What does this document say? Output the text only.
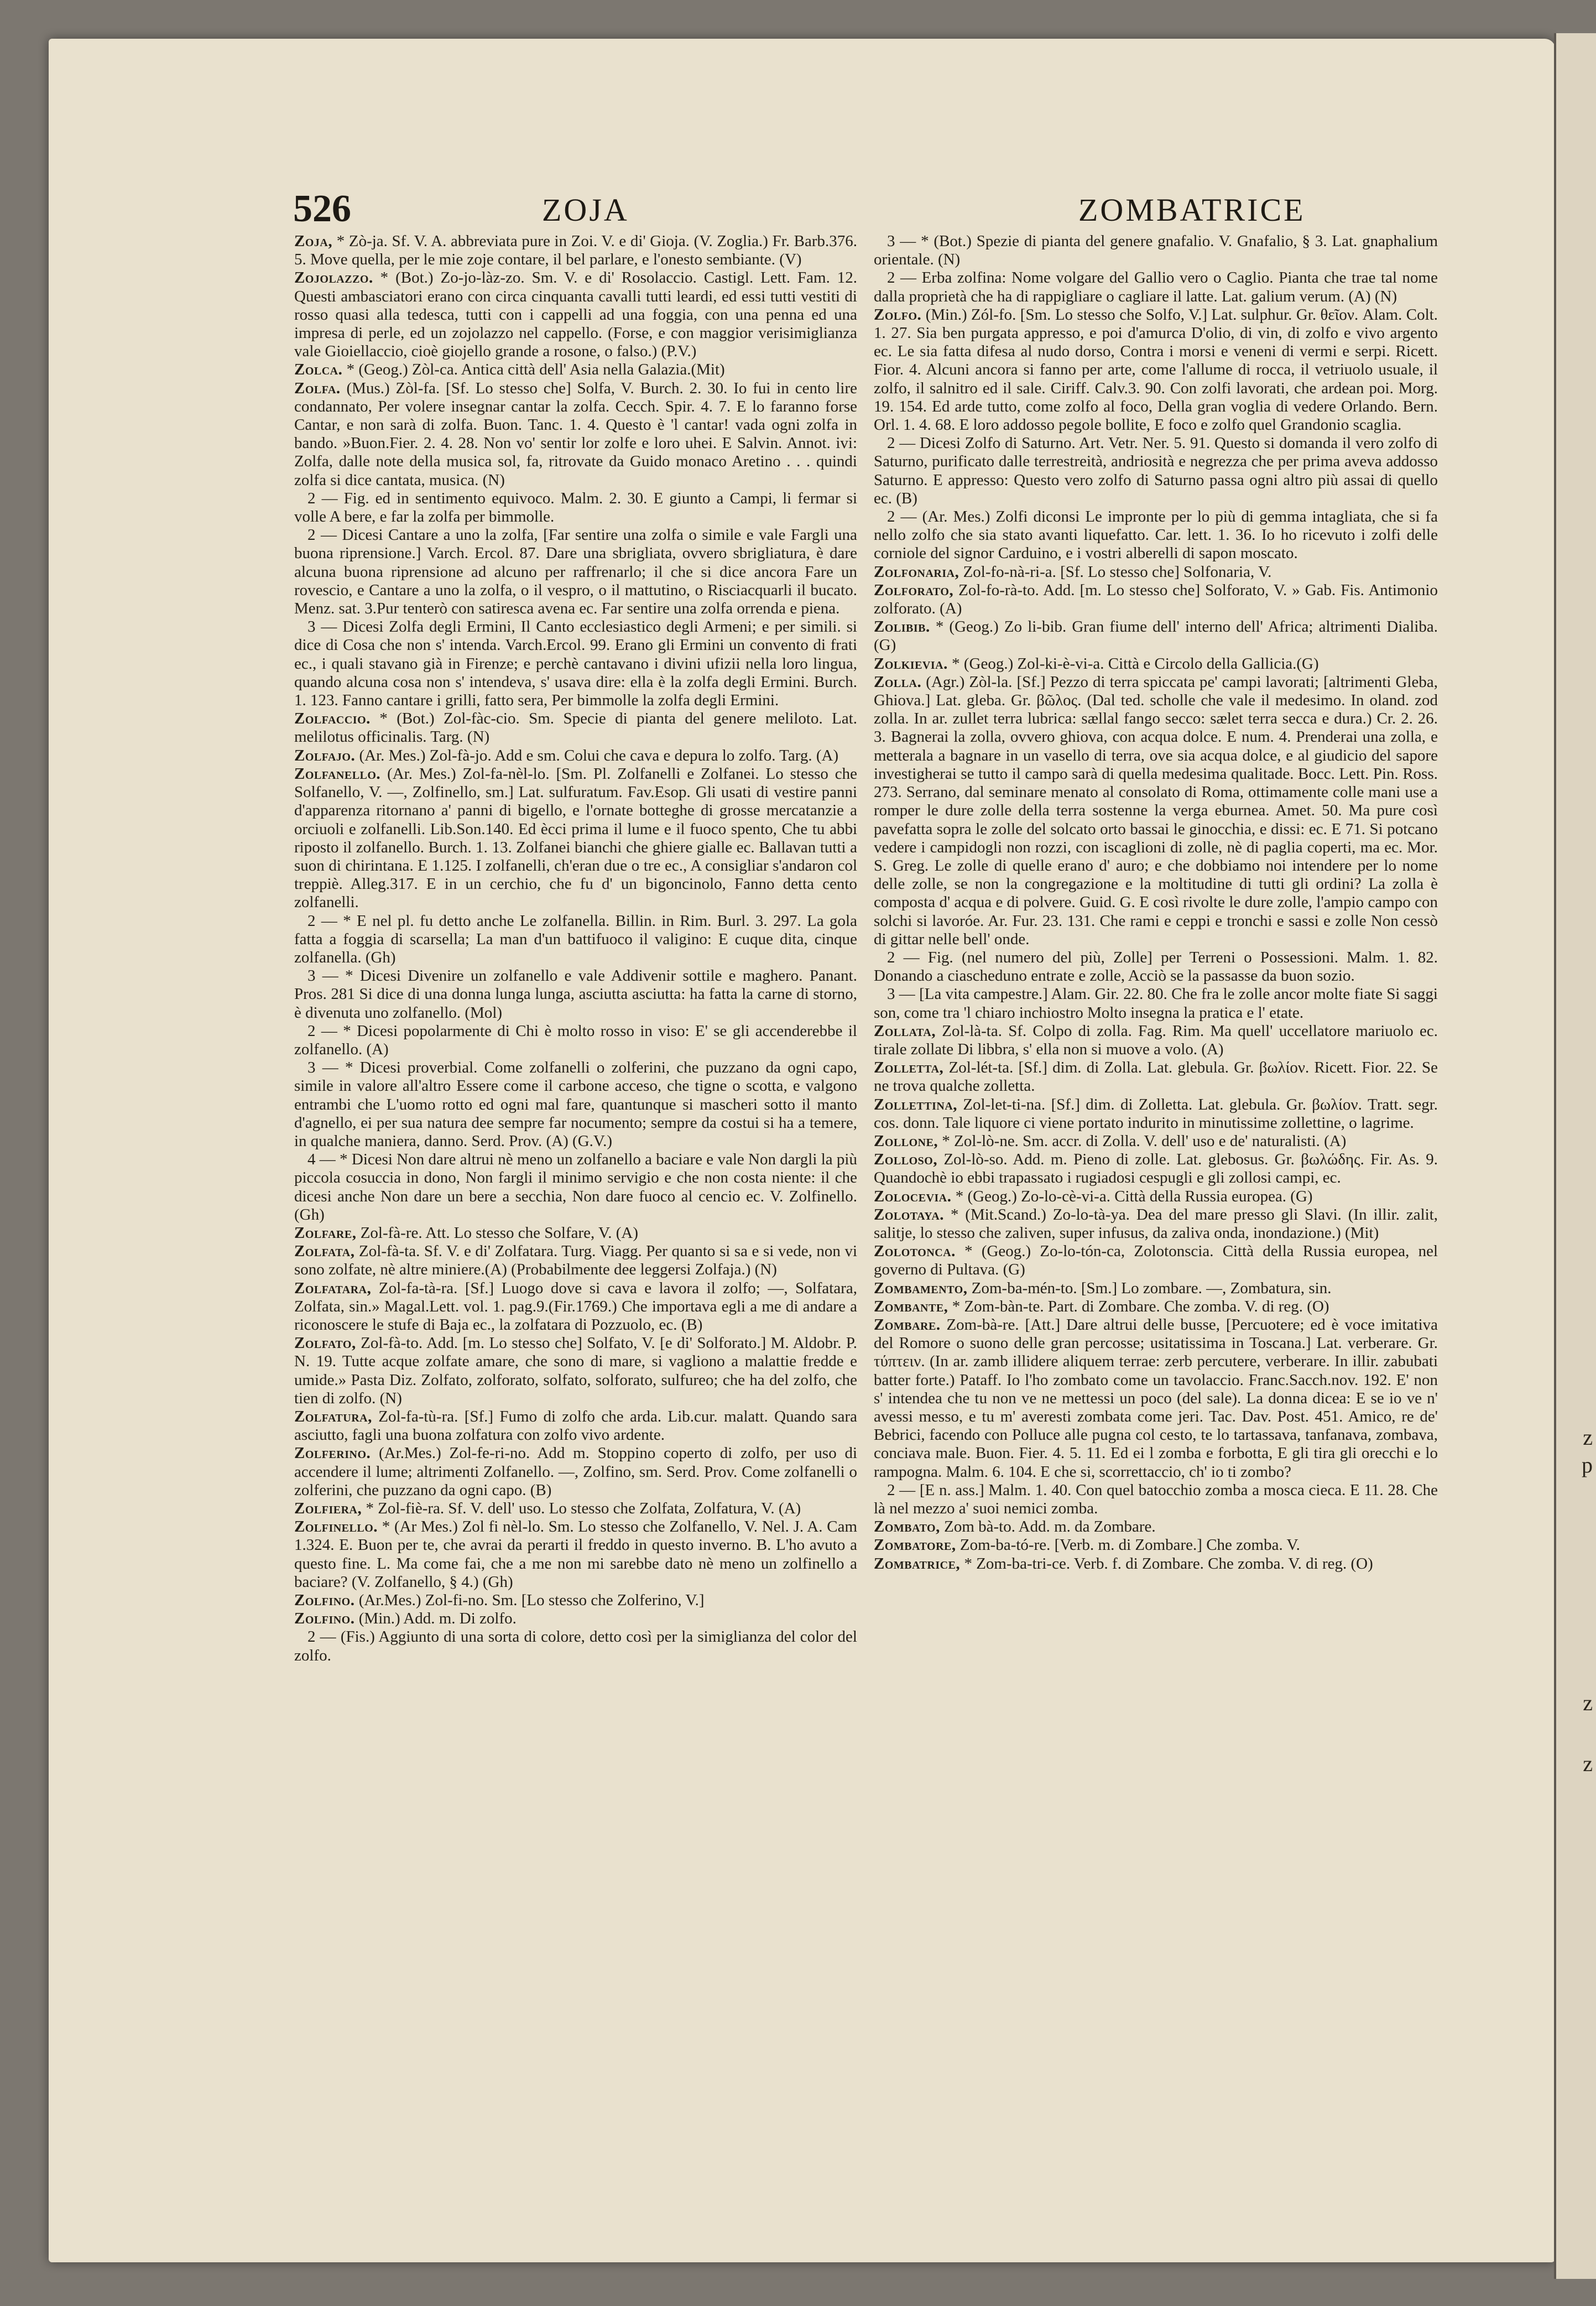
z
p
z
z
526	ZOJA	ZOMBATRICE

Zoja, * Zò-ja. Sf. V. A. abbreviata pure in Zoi. V. e di' Gioja. (V. Zoglia.) Fr. Barb.376. 5. Move quella, per le mie zoje contare, il bel parlare, e l'onesto sembiante. (V)

Zojolazzo. * (Bot.) Zo-jo-làz-zo. Sm. V. e di' Rosolaccio. Castigl. Lett. Fam. 12. Questi ambasciatori erano con circa cinquanta cavalli tutti leardi, ed essi tutti vestiti di rosso quasi alla tedesca, tutti con i cappelli ad una foggia, con una penna ed una impresa di perle, ed un zojolazzo nel cappello. (Forse, e con maggior verisimiglianza vale Gioiellaccio, cioè giojello grande a rosone, o falso.) (P.V.)

Zolca. * (Geog.) Zòl-ca. Antica città dell' Asia nella Galazia.(Mit)

Zolfa. (Mus.) Zòl-fa. [Sf. Lo stesso che] Solfa, V. Burch. 2. 30. Io fui in cento lire condannato, Per volere insegnar cantar la zolfa. Cecch. Spir. 4. 7. E lo faranno forse Cantar, e non sarà di zolfa. Buon. Tanc. 1. 4. Questo è 'l cantar! vada ogni zolfa in bando. »Buon.Fier. 2. 4. 28. Non vo' sentir lor zolfe e loro uhei. E Salvin. Annot. ivi: Zolfa, dalle note della musica sol, fa, ritrovate da Guido monaco Aretino . . . quindi zolfa si dice cantata, musica. (N)

2 — Fig. ed in sentimento equivoco. Malm. 2. 30. E giunto a Campi, li fermar si volle A bere, e far la zolfa per bimmolle.

2 — Dicesi Cantare a uno la zolfa, [Far sentire una zolfa o simile e vale Fargli una buona riprensione.] Varch. Ercol. 87. Dare una sbrigliata, ovvero sbrigliatura, è dare alcuna buona riprensione ad alcuno per raffrenarlo; il che si dice ancora Fare un rovescio, e Cantare a uno la zolfa, o il vespro, o il mattutino, o Risciacquarli il bucato. Menz. sat. 3.Pur tenterò con satiresca avena ec. Far sentire una zolfa orrenda e piena.

3 — Dicesi Zolfa degli Ermini, Il Canto ecclesiastico degli Armeni; e per simili. si dice di Cosa che non s' intenda. Varch.Ercol. 99. Erano gli Ermini un convento di frati ec., i quali stavano già in Firenze; e perchè cantavano i divini ufizii nella loro lingua, quando alcuna cosa non s' intendeva, s' usava dire: ella è la zolfa degli Ermini. Burch. 1. 123. Fanno cantare i grilli, fatto sera, Per bimmolle la zolfa degli Ermini.

Zolfaccio. * (Bot.) Zol-fàc-cio. Sm. Specie di pianta del genere meliloto. Lat. melilotus officinalis. Targ. (N)

Zolfajo. (Ar. Mes.) Zol-fà-jo. Add e sm. Colui che cava e depura lo zolfo. Targ. (A)

Zolfanello. (Ar. Mes.) Zol-fa-nèl-lo. [Sm. Pl. Zolfanelli e Zolfanei. Lo stesso che Solfanello, V. —, Zolfinello, sm.] Lat. sulfuratum. Fav.Esop. Gli usati di vestire panni d'apparenza ritornano a' panni di bigello, e l'ornate botteghe di grosse mercatanzie a orciuoli e zolfanelli. Lib.Son.140. Ed ècci prima il lume e il fuoco spento, Che tu abbi riposto il zolfanello. Burch. 1. 13. Zolfanei bianchi che ghiere gialle ec. Ballavan tutti a suon di chirintana. E 1.125. I zolfanelli, ch'eran due o tre ec., A consigliar s'andaron col treppiè. Alleg.317. E in un cerchio, che fu d' un bigoncinolo, Fanno detta cento zolfanelli.

2 — * E nel pl. fu detto anche Le zolfanella. Billin. in Rim. Burl. 3. 297. La gola fatta a foggia di scarsella; La man d'un battifuoco il valigino: E cuque dita, cinque zolfanella. (Gh)

3 — * Dicesi Divenire un zolfanello e vale Addivenir sottile e maghero. Panant. Pros. 281 Si dice di una donna lunga lunga, asciutta asciutta: ha fatta la carne di storno, è divenuta uno zolfanello. (Mol)

2 — * Dicesi popolarmente di Chi è molto rosso in viso: E' se gli accenderebbe il zolfanello. (A)

3 — * Dicesi proverbial. Come zolfanelli o zolferini, che puzzano da ogni capo, simile in valore all'altro Essere come il carbone acceso, che tigne o scotta, e valgono entrambi che L'uomo rotto ed ogni mal fare, quantunque si mascheri sotto il manto d'agnello, ei per sua natura dee sempre far nocumento; sempre da costui si ha a temere, in qualche maniera, danno. Serd. Prov. (A) (G.V.)

4 — * Dicesi Non dare altrui nè meno un zolfanello a baciare e vale Non dargli la più piccola cosuccia in dono, Non fargli il minimo servigio e che non costa niente: il che dicesi anche Non dare un bere a secchia, Non dare fuoco al cencio ec. V. Zolfinello. (Gh)

Zolfare, Zol-fà-re. Att. Lo stesso che Solfare, V. (A)

Zolfata, Zol-fà-ta. Sf. V. e di' Zolfatara. Turg. Viagg. Per quanto si sa e si vede, non vi sono zolfate, nè altre miniere.(A) (Probabilmente dee leggersi Zolfaja.) (N)

Zolfatara, Zol-fa-tà-ra. [Sf.] Luogo dove si cava e lavora il zolfo; —, Solfatara, Zolfata, sin.» Magal.Lett. vol. 1. pag.9.(Fir.1769.) Che importava egli a me di andare a riconoscere le stufe di Baja ec., la zolfatara di Pozzuolo, ec. (B)

Zolfato, Zol-fà-to. Add. [m. Lo stesso che] Solfato, V. [e di' Solforato.] M. Aldobr. P. N. 19. Tutte acque zolfate amare, che sono di mare, si vagliono a malattie fredde e umide.» Pasta Diz. Zolfato, zolforato, solfato, solforato, sulfureo; che ha del zolfo, che tien di zolfo. (N)

Zolfatura, Zol-fa-tù-ra. [Sf.] Fumo di zolfo che arda. Lib.cur. malatt. Quando sara asciutto, fagli una buona zolfatura con zolfo vivo ardente.

Zolferino. (Ar.Mes.) Zol-fe-ri-no. Add m. Stoppino coperto di zolfo, per uso di accendere il lume; altrimenti Zolfanello. —, Zolfino, sm. Serd. Prov. Come zolfanelli o zolferini, che puzzano da ogni capo. (B)

Zolfiera, * Zol-fiè-ra. Sf. V. dell' uso. Lo stesso che Zolfata, Zolfatura, V. (A)

Zolfinello. * (Ar Mes.) Zol fi nèl-lo. Sm. Lo stesso che Zolfanello, V. Nel. J. A. Cam 1.324. E. Buon per te, che avrai da perarti il freddo in questo inverno. B. L'ho avuto a questo fine. L. Ma come fai, che a me non mi sarebbe dato nè meno un zolfinello a baciare? (V. Zolfanello, § 4.) (Gh)

Zolfino. (Ar.Mes.) Zol-fi-no. Sm. [Lo stesso che Zolferino, V.]

Zolfino. (Min.) Add. m. Di zolfo.

2 — (Fis.) Aggiunto di una sorta di colore, detto così per la simiglianza del color del zolfo.

3 — * (Bot.) Spezie di pianta del genere gnafalio. V. Gnafalio, § 3. Lat. gnaphalium orientale. (N)

2 — Erba zolfina: Nome volgare del Gallio vero o Caglio. Pianta che trae tal nome dalla proprietà che ha di rappigliare o cagliare il latte. Lat. galium verum. (A) (N)

Zolfo. (Min.) Zól-fo. [Sm. Lo stesso che Solfo, V.] Lat. sulphur. Gr. θεῖον. Alam. Colt. 1. 27. Sia ben purgata appresso, e poi d'amurca D'olio, di vin, di zolfo e vivo argento ec. Le sia fatta difesa al nudo dorso, Contra i morsi e veneni di vermi e serpi. Ricett. Fior. 4. Alcuni ancora si fanno per arte, come l'allume di rocca, il vetriuolo usuale, il zolfo, il salnitro ed il sale. Ciriff. Calv.3. 90. Con zolfi lavorati, che ardean poi. Morg. 19. 154. Ed arde tutto, come zolfo al foco, Della gran voglia di vedere Orlando. Bern. Orl. 1. 4. 68. E loro addosso pegole bollite, E foco e zolfo quel Grandonio scaglia.

2 — Dicesi Zolfo di Saturno. Art. Vetr. Ner. 5. 91. Questo si domanda il vero zolfo di Saturno, purificato dalle terrestreità, andriosità e negrezza che per prima aveva addosso Saturno. E appresso: Questo vero zolfo di Saturno passa ogni altro più assai di quello ec. (B)

2 — (Ar. Mes.) Zolfi diconsi Le impronte per lo più di gemma intagliata, che si fa nello zolfo che sia stato avanti liquefatto. Car. lett. 1. 36. Io ho ricevuto i zolfi delle corniole del signor Carduino, e i vostri alberelli di sapon moscato.

Zolfonaria, Zol-fo-nà-ri-a. [Sf. Lo stesso che] Solfonaria, V.

Zolforato, Zol-fo-rà-to. Add. [m. Lo stesso che] Solforato, V. » Gab. Fis. Antimonio zolforato. (A)

Zolibib. * (Geog.) Zo li-bib. Gran fiume dell' interno dell' Africa; altrimenti Dialiba. (G)

Zolkievia. * (Geog.) Zol-ki-è-vi-a. Città e Circolo della Gallicia.(G)

Zolla. (Agr.) Zòl-la. [Sf.] Pezzo di terra spiccata pe' campi lavorati; [altrimenti Gleba, Ghiova.] Lat. gleba. Gr. βῶλος. (Dal ted. scholle che vale il medesimo. In oland. zod zolla. In ar. zullet terra lubrica: sællal fango secco: sælet terra secca e dura.) Cr. 2. 26. 3. Bagnerai la zolla, ovvero ghiova, con acqua dolce. E num. 4. Prenderai una zolla, e metterala a bagnare in un vasello di terra, ove sia acqua dolce, e al giudicio del sapore investigherai se tutto il campo sarà di quella medesima qualitade. Bocc. Lett. Pin. Ross. 273. Serrano, dal seminare menato al consolato di Roma, ottimamente colle mani use a romper le dure zolle della terra sostenne la verga eburnea. Amet. 50. Ma pure così pavefatta sopra le zolle del solcato orto bassai le ginocchia, e dissi: ec. E 71. Si potcano vedere i campidogli non rozzi, con iscaglioni di zolle, nè di paglia coperti, ma ec. Mor. S. Greg. Le zolle di quelle erano d' auro; e che dobbiamo noi intendere per lo nome delle zolle, se non la congregazione e la moltitudine di tutti gli ordini? La zolla è composta d' acqua e di polvere. Guid. G. E così rivolte le dure zolle, l'ampio campo con solchi si lavoróe. Ar. Fur. 23. 131. Che rami e ceppi e tronchi e sassi e zolle Non cessò di gittar nelle bell' onde.

2 — Fig. (nel numero del più, Zolle] per Terreni o Possessioni. Malm. 1. 82. Donando a ciascheduno entrate e zolle, Acciò se la passasse da buon sozio.

3 — [La vita campestre.] Alam. Gir. 22. 80. Che fra le zolle ancor molte fiate Si saggi son, come tra 'l chiaro inchiostro Molto insegna la pratica e l' etate.

Zollata, Zol-là-ta. Sf. Colpo di zolla. Fag. Rim. Ma quell' uccellatore mariuolo ec. tirale zollate Di libbra, s' ella non si muove a volo. (A)

Zolletta, Zol-lét-ta. [Sf.] dim. di Zolla. Lat. glebula. Gr. βωλίον. Ricett. Fior. 22. Se ne trova qualche zolletta.

Zollettina, Zol-let-ti-na. [Sf.] dim. di Zolletta. Lat. glebula. Gr. βωλίον. Tratt. segr. cos. donn. Tale liquore ci viene portato indurito in minutissime zollettine, o lagrime.

Zollone, * Zol-lò-ne. Sm. accr. di Zolla. V. dell' uso e de' naturalisti. (A)

Zolloso, Zol-lò-so. Add. m. Pieno di zolle. Lat. glebosus. Gr. βωλώδης. Fir. As. 9. Quandochè io ebbi trapassato i rugiadosi cespugli e gli zollosi campi, ec.

Zolocevia. * (Geog.) Zo-lo-cè-vi-a. Città della Russia europea. (G)

Zolotaya. * (Mit.Scand.) Zo-lo-tà-ya. Dea del mare presso gli Slavi. (In illir. zalit, salitje, lo stesso che zaliven, super infusus, da zaliva onda, inondazione.) (Mit)

Zolotonca. * (Geog.) Zo-lo-tón-ca, Zolotonscia. Città della Russia europea, nel governo di Pultava. (G)

Zombamento, Zom-ba-mén-to. [Sm.] Lo zombare. —, Zombatura, sin.

Zombante, * Zom-bàn-te. Part. di Zombare. Che zomba. V. di reg. (O)

Zombare. Zom-bà-re. [Att.] Dare altrui delle busse, [Percuotere; ed è voce imitativa del Romore o suono delle gran percosse; usitatissima in Toscana.] Lat. verberare. Gr. τύπτειν. (In ar. zamb illidere aliquem terrae: zerb percutere, verberare. In illir. zabubati batter forte.) Pataff. Io l'ho zombato come un tavolaccio. Franc.Sacch.nov. 192. E' non s' intendea che tu non ve ne mettessi un poco (del sale). La donna dicea: E se io ve n' avessi messo, e tu m' averesti zombata come jeri. Tac. Dav. Post. 451. Amico, re de' Bebrici, facendo con Polluce alle pugna col cesto, te lo tartassava, tanfanava, zombava, conciava male. Buon. Fier. 4. 5. 11. Ed ei l zomba e forbotta, E gli tira gli orecchi e lo rampogna. Malm. 6. 104. E che si, scorrettaccio, ch' io ti zombo?

2 — [E n. ass.] Malm. 1. 40. Con quel batocchio zomba a mosca cieca. E 11. 28. Che là nel mezzo a' suoi nemici zomba.

Zombato, Zom bà-to. Add. m. da Zombare.

Zombatore, Zom-ba-tó-re. [Verb. m. di Zombare.] Che zomba. V.

Zombatrice, * Zom-ba-tri-ce. Verb. f. di Zombare. Che zomba. V. di reg. (O)
